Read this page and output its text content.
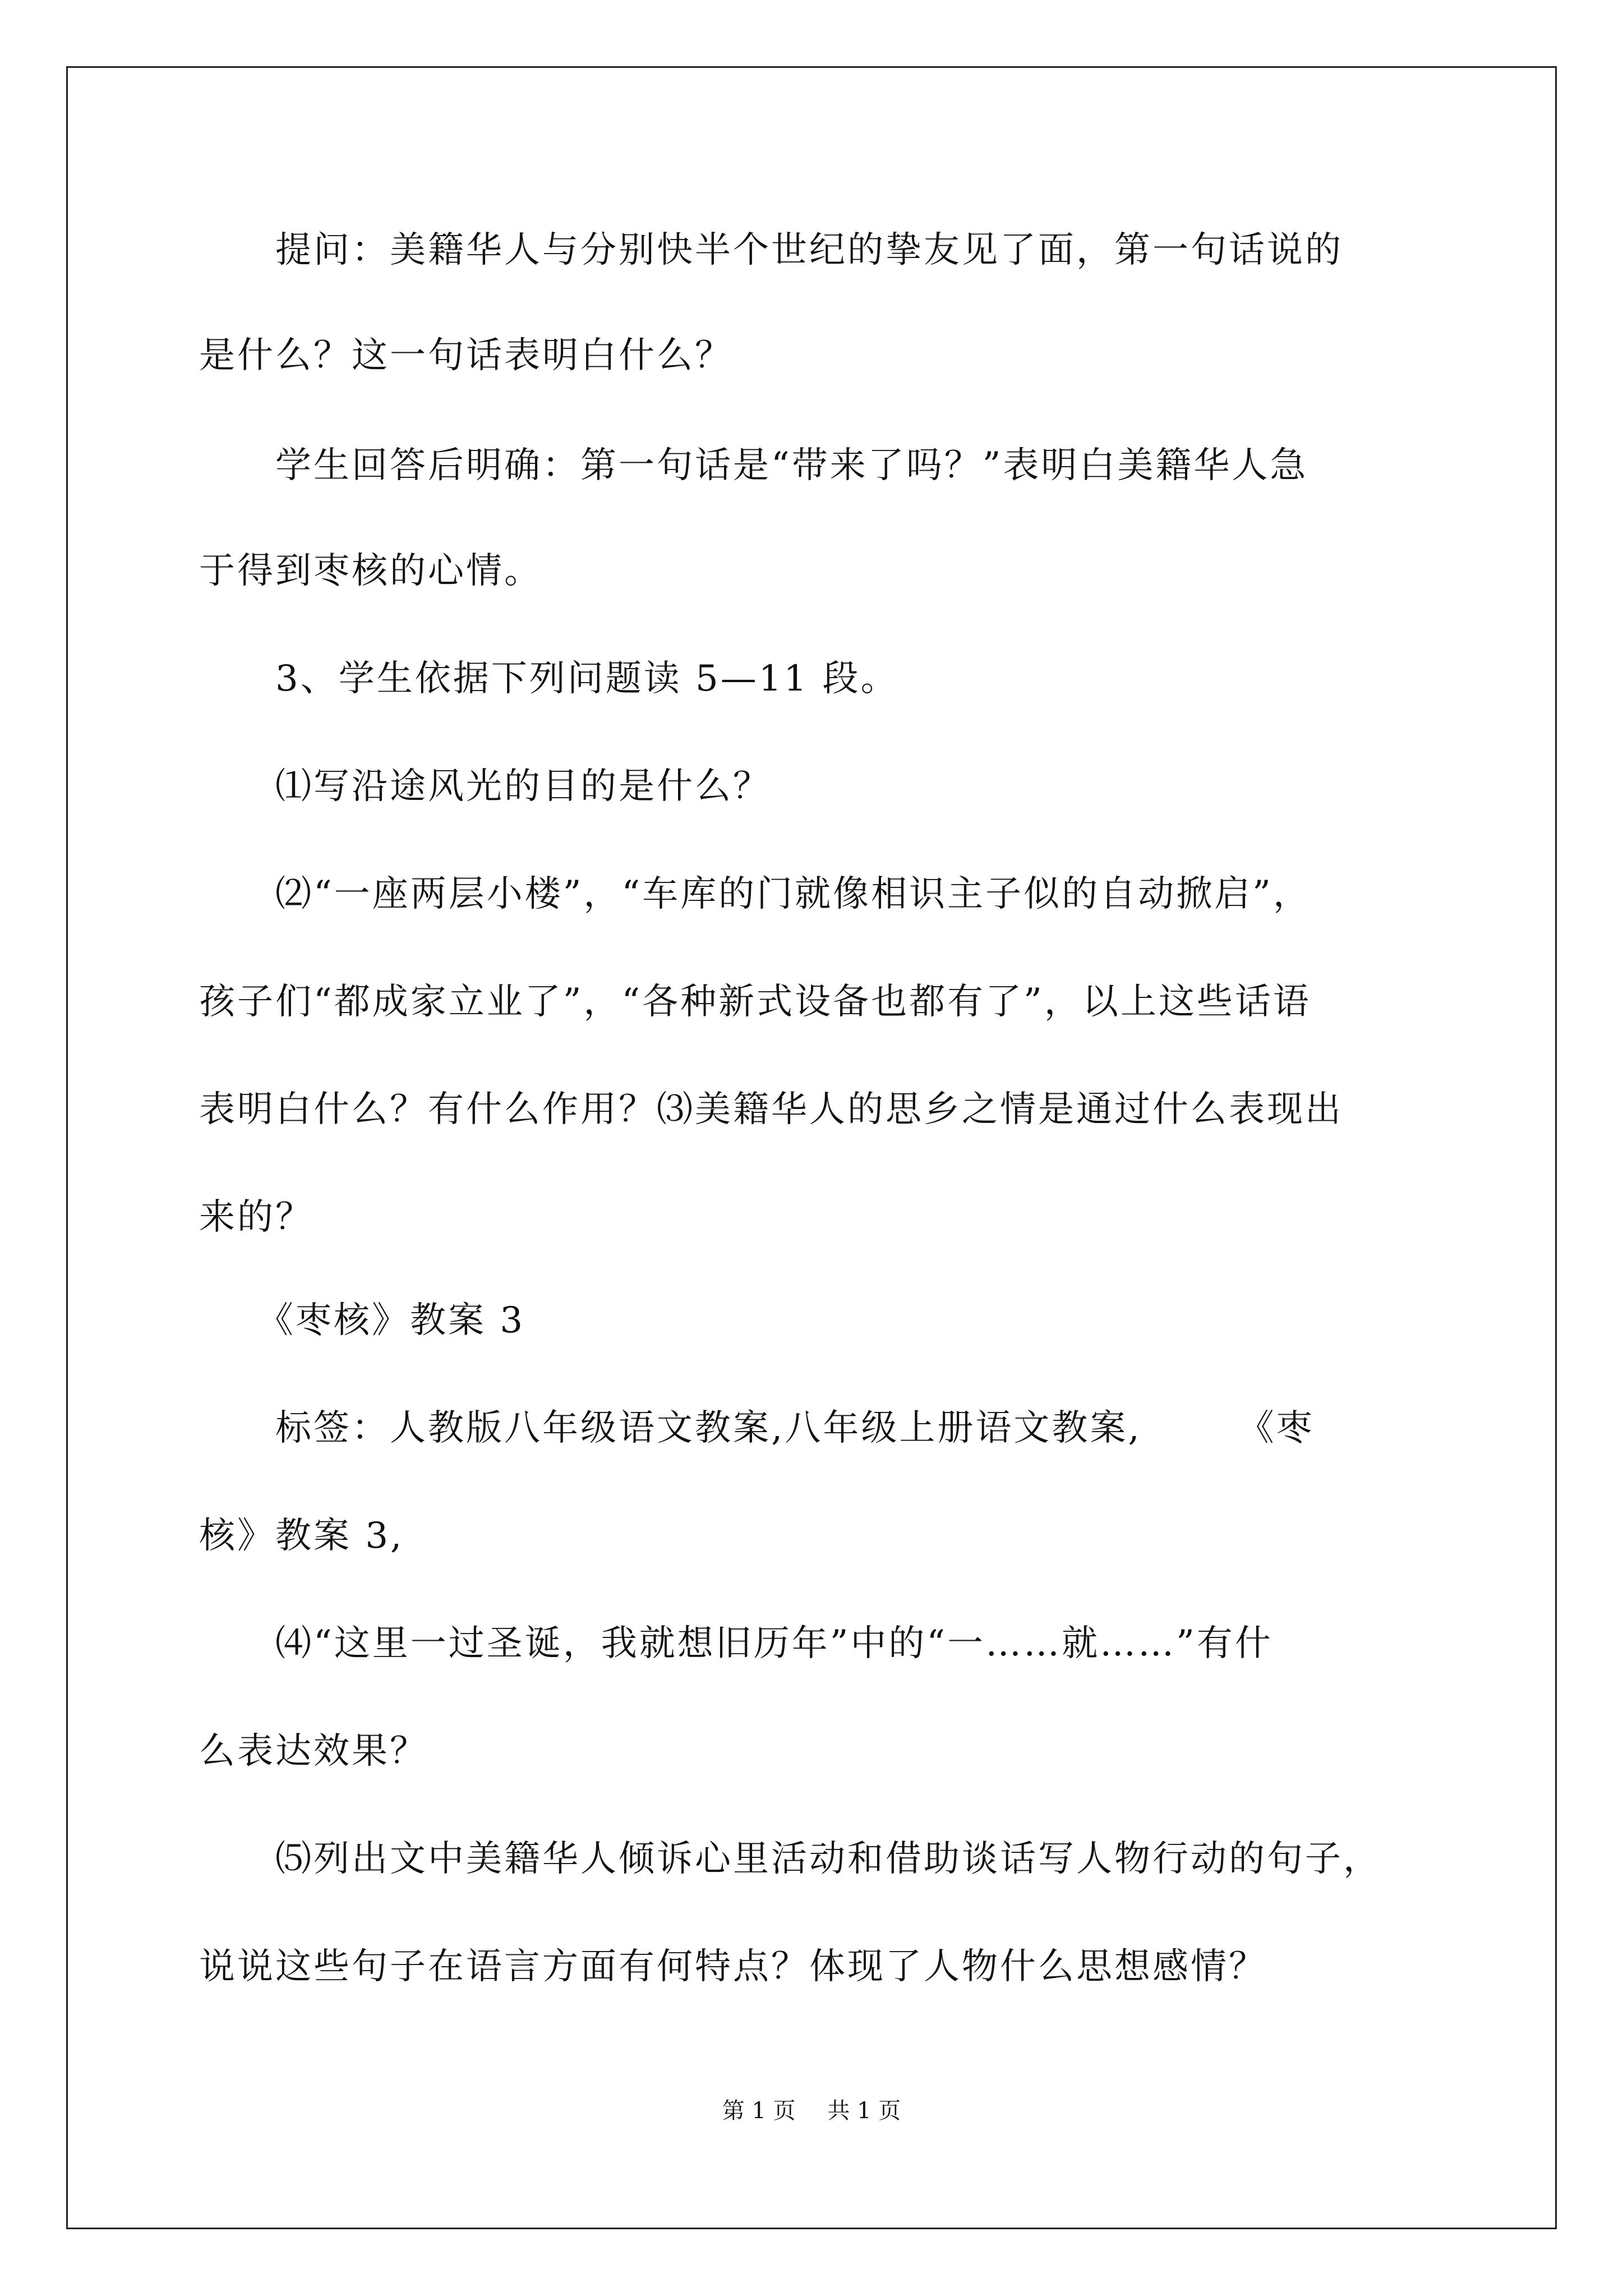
　　提问：美籍华人与分别快半个世纪的挚友见了面，第一句话说的
是什么？这一句话表明白什么？
　　学生回答后明确：第一句话是“带来了吗？”表明白美籍华人急
于得到枣核的心情。
　　3、学生依据下列问题读 5—11 段。
　　⑴写沿途风光的目的是什么？
　　⑵“一座两层小楼”，“车库的门就像相识主子似的自动掀启”，
孩子们“都成家立业了”，“各种新式设备也都有了”，以上这些话语
表明白什么？有什么作用？⑶美籍华人的思乡之情是通过什么表现出
来的？
　　《枣核》教案 3
　　标签：人教版八年级语文教案,八年级上册语文教案,　　　《枣
核》教案 3,
　　⑷“这里一过圣诞，我就想旧历年”中的“一……就……”有什
么表达效果？
　　⑸列出文中美籍华人倾诉心里活动和借助谈话写人物行动的句子，
说说这些句子在语言方面有何特点？体现了人物什么思想感情？
第 1 页 共 1 页
